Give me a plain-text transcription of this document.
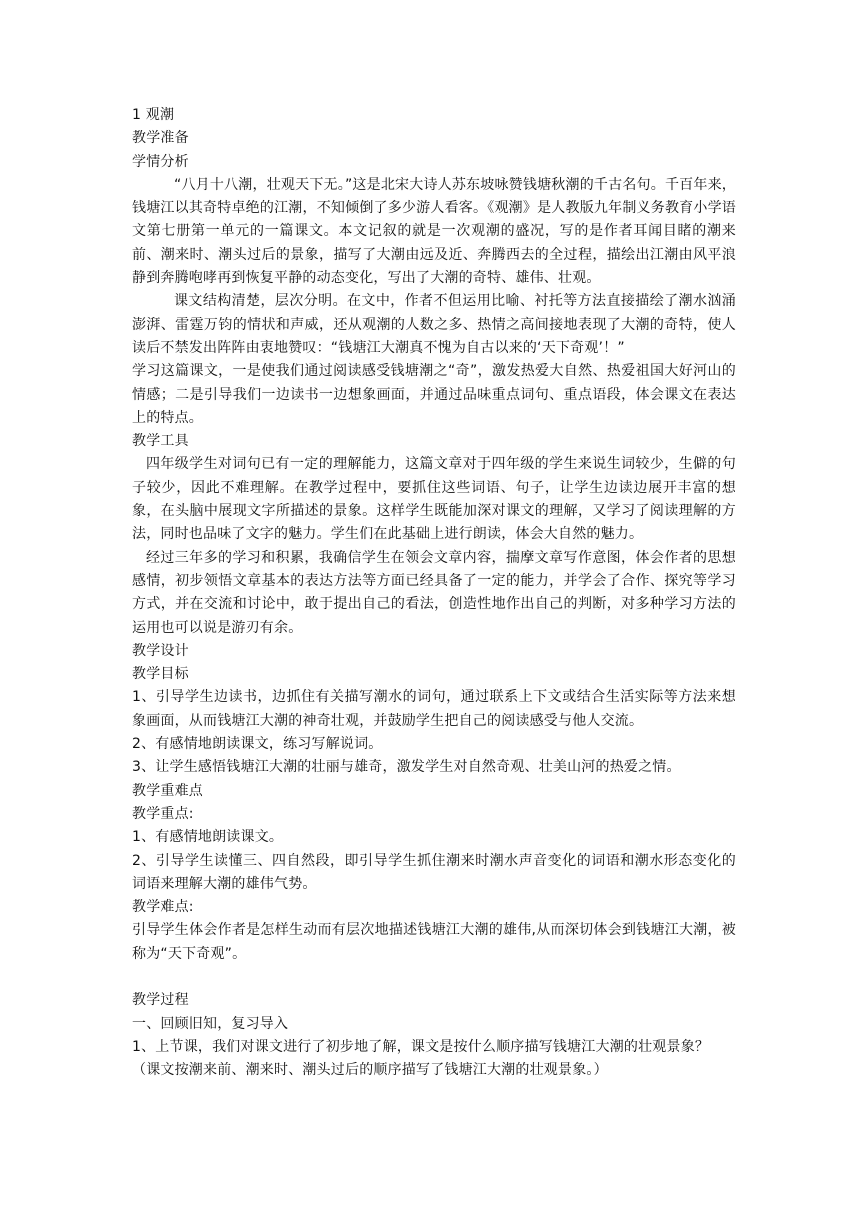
1 观潮

教学准备

学情分析

“八月十八潮，壮观天下无。”这是北宋大诗人苏东坡咏赞钱塘秋潮的千古名句。千百年来，钱塘江以其奇特卓绝的江潮，不知倾倒了多少游人看客。《观潮》是人教版九年制义务教育小学语文第七册第一单元的一篇课文。本文记叙的就是一次观潮的盛况，写的是作者耳闻目睹的潮来前、潮来时、潮头过后的景象，描写了大潮由远及近、奔腾西去的全过程，描绘出江潮由风平浪静到奔腾咆哮再到恢复平静的动态变化，写出了大潮的奇特、雄伟、壮观。

课文结构清楚，层次分明。在文中，作者不但运用比喻、衬托等方法直接描绘了潮水汹涌澎湃、雷霆万钧的情状和声威，还从观潮的人数之多、热情之高间接地表现了大潮的奇特，使人读后不禁发出阵阵由衷地赞叹：“钱塘江大潮真不愧为自古以来的‘天下奇观’！”

学习这篇课文，一是使我们通过阅读感受钱塘潮之“奇”，激发热爱大自然、热爱祖国大好河山的情感；二是引导我们一边读书一边想象画面，并通过品味重点词句、重点语段，体会课文在表达上的特点。

教学工具

四年级学生对词句已有一定的理解能力，这篇文章对于四年级的学生来说生词较少，生僻的句子较少，因此不难理解。在教学过程中，要抓住这些词语、句子，让学生边读边展开丰富的想象，在头脑中展现文字所描述的景象。这样学生既能加深对课文的理解，又学习了阅读理解的方法，同时也品味了文字的魅力。学生们在此基础上进行朗读，体会大自然的魅力。

经过三年多的学习和积累，我确信学生在领会文章内容，揣摩文章写作意图，体会作者的思想感情，初步领悟文章基本的表达方法等方面已经具备了一定的能力，并学会了合作、探究等学习方式，并在交流和讨论中，敢于提出自己的看法，创造性地作出自己的判断，对多种学习方法的运用也可以说是游刃有余。

教学设计

教学目标

1、引导学生边读书，边抓住有关描写潮水的词句，通过联系上下文或结合生活实际等方法来想象画面，从而钱塘江大潮的神奇壮观，并鼓励学生把自己的阅读感受与他人交流。

2、有感情地朗读课文，练习写解说词。

3、让学生感悟钱塘江大潮的壮丽与雄奇，激发学生对自然奇观、壮美山河的热爱之情。

教学重难点

教学重点:

1、有感情地朗读课文。

2、引导学生读懂三、四自然段，即引导学生抓住潮来时潮水声音变化的词语和潮水形态变化的词语来理解大潮的雄伟气势。

教学难点:

引导学生体会作者是怎样生动而有层次地描述钱塘江大潮的雄伟,从而深切体会到钱塘江大潮，被称为“天下奇观”。

教学过程

一、回顾旧知，复习导入

1、上节课，我们对课文进行了初步地了解，课文是按什么顺序描写钱塘江大潮的壮观景象？

（课文按潮来前、潮来时、潮头过后的顺序描写了钱塘江大潮的壮观景象。）
